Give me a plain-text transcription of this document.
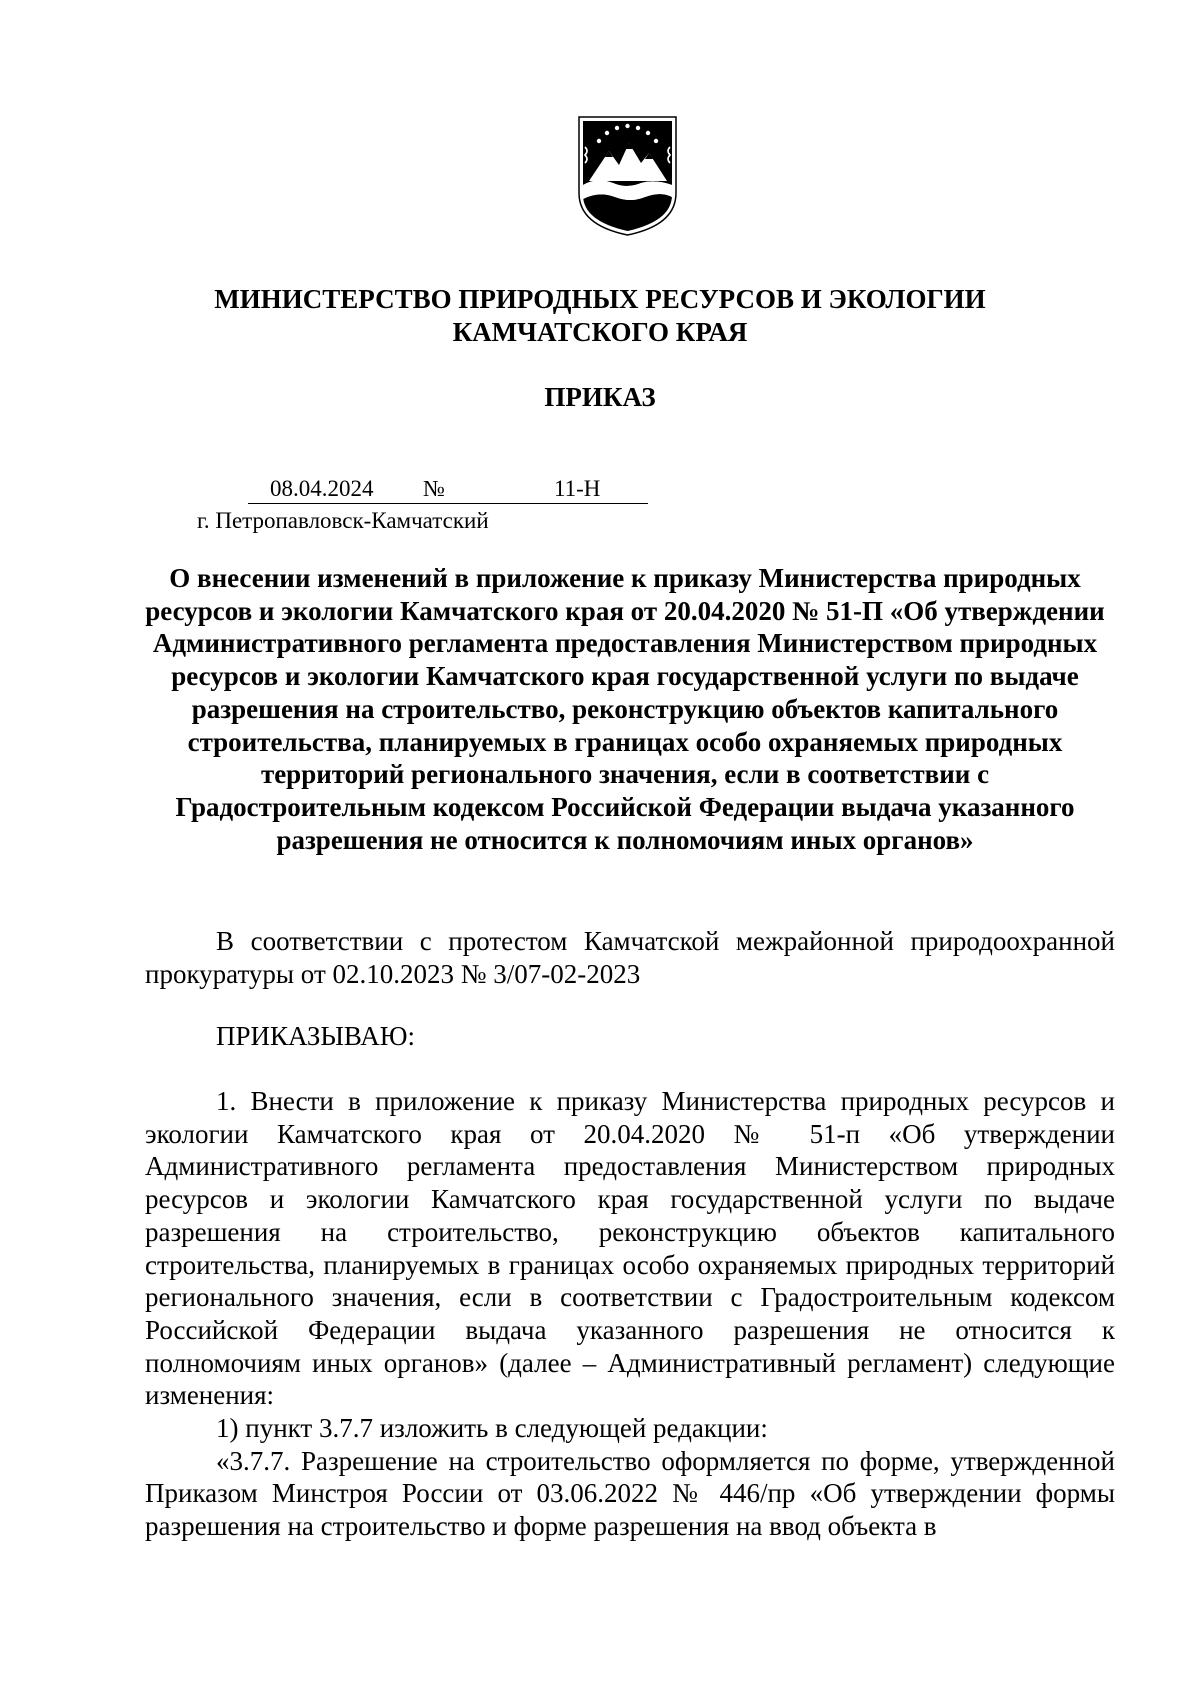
МИНИСТЕРСТВО ПРИРОДНЫХ РЕСУРСОВ И ЭКОЛОГИИ
КАМЧАТСКОГО КРАЯ
ПРИКАЗ
08.04.2024 №	11-Н
г. Петропавловск-Камчатский
О внесении изменений в приложение к приказу Министерства природных ресурсов и экологии Камчатского края от 20.04.2020 № 51-П «Об утверждении Административного регламента предоставления Министерством природных ресурсов и экологии Камчатского края государственной услуги по выдаче разрешения на строительство, реконструкцию объектов капитального строительства, планируемых в границах особо охраняемых природных территорий регионального значения, если в соответствии с Градостроительным кодексом Российской Федерации выдача указанного разрешения не относится к полномочиям иных органов»

В соответствии с протестом Камчатской межрайонной природоохранной прокуратуры от 02.10.2023 № 3/07-02-2023

ПРИКАЗЫВАЮ:

1. Внести в приложение к приказу Министерства природных ресурсов и экологии Камчатского края от 20.04.2020 № 51-п «Об утверждении Административного регламента предоставления Министерством природных ресурсов и экологии Камчатского края государственной услуги по выдаче разрешения на строительство, реконструкцию объектов капитального строительства, планируемых в границах особо охраняемых природных территорий регионального значения, если в соответствии с Градостроительным кодексом Российской Федерации выдача указанного разрешения не относится к полномочиям иных органов» (далее – Административный регламент) следующие изменения:

1) пункт 3.7.7 изложить в следующей редакции:

«3.7.7. Разрешение на строительство оформляется по форме, утвержденной Приказом Минстроя России от 03.06.2022 № 446/пр «Об утверждении формы разрешения на строительство и форме разрешения на ввод объекта в
